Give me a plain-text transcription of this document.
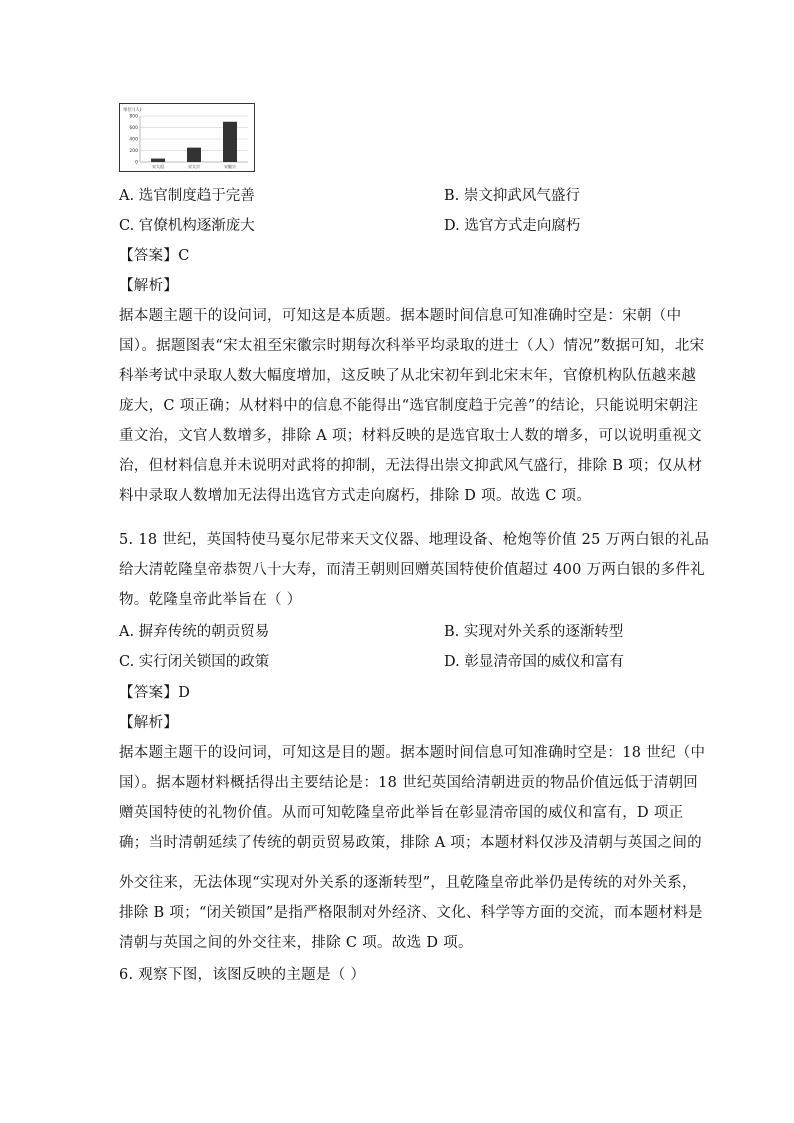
单位:(人)
800
600
400
200
0
宋太祖	宋太宗	宋徽宗
A. 选官制度趋于完善	B. 崇文抑武风气盛行
C. 官僚机构逐渐庞大	D. 选官方式走向腐朽
【答案】C
【解析】
据本题主题干的设问词，可知这是本质题。据本题时间信息可知准确时空是：宋朝（中
国）。据题图表“宋太祖至宋徽宗时期每次科举平均录取的进士（人）情况”数据可知，北宋
科举考试中录取人数大幅度增加，这反映了从北宋初年到北宋末年，官僚机构队伍越来越
庞大，C 项正确；从材料中的信息不能得出“选官制度趋于完善”的结论，只能说明宋朝注
重文治，文官人数增多，排除 A 项；材料反映的是选官取士人数的增多，可以说明重视文
治，但材料信息并未说明对武将的抑制，无法得出崇文抑武风气盛行，排除 B 项；仅从材
料中录取人数增加无法得出选官方式走向腐朽，排除 D 项。故选 C 项。
5. 18 世纪，英国特使马戛尔尼带来天文仪器、地理设备、枪炮等价值 25 万两白银的礼品
给大清乾隆皇帝恭贺八十大寿，而清王朝则回赠英国特使价值超过 400 万两白银的多件礼
物。乾隆皇帝此举旨在（ ）
A. 摒弃传统的朝贡贸易	B. 实现对外关系的逐渐转型
C. 实行闭关锁国的政策	D. 彰显清帝国的威仪和富有
【答案】D
【解析】
据本题主题干的设问词，可知这是目的题。据本题时间信息可知准确时空是：18 世纪（中
国）。据本题材料概括得出主要结论是：18 世纪英国给清朝进贡的物品价值远低于清朝回
赠英国特使的礼物价值。从而可知乾隆皇帝此举旨在彰显清帝国的威仪和富有，D 项正
确；当时清朝延续了传统的朝贡贸易政策，排除 A 项；本题材料仅涉及清朝与英国之间的
外交往来，无法体现“实现对外关系的逐渐转型”，且乾隆皇帝此举仍是传统的对外关系，
排除 B 项；“闭关锁国”是指严格限制对外经济、文化、科学等方面的交流，而本题材料是
清朝与英国之间的外交往来，排除 C 项。故选 D 项。
6. 观察下图，该图反映的主题是（ ）
